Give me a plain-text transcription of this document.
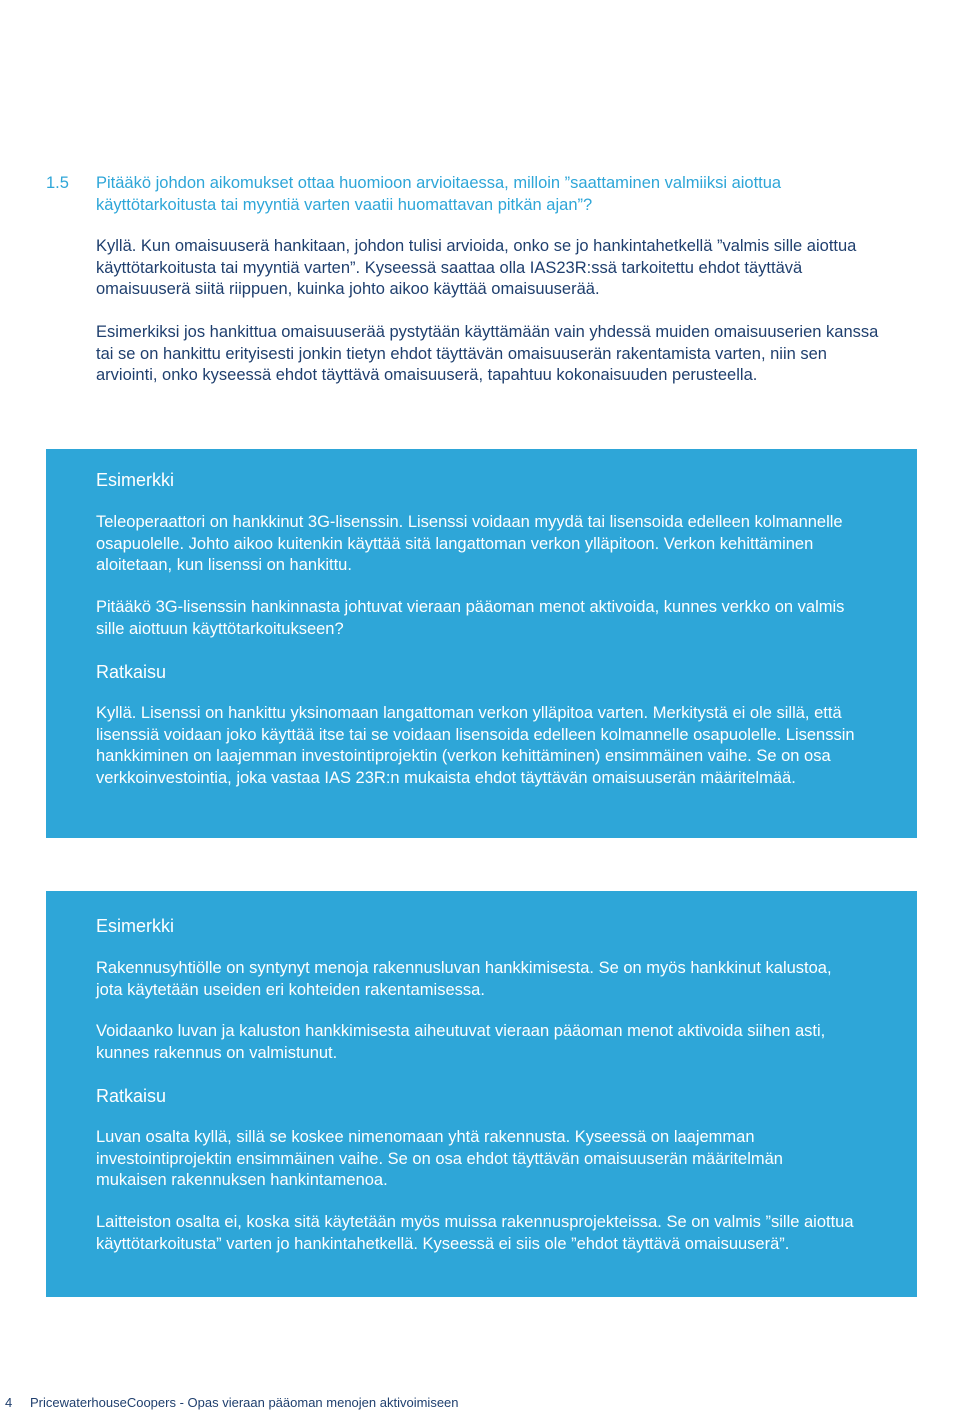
1.5 Pitääkö johdon aikomukset ottaa huomioon arvioitaessa, milloin ”saattaminen valmiiksi aiottua käyttötarkoitusta tai myyntiä varten vaatii huomattavan pitkän ajan”?

Kyllä. Kun omaisuuserä hankitaan, johdon tulisi arvioida, onko se jo hankintahetkellä ”valmis sille aiottua käyttötarkoitusta tai myyntiä varten”. Kyseessä saattaa olla IAS23R:ssä tarkoitettu ehdot täyttävä omaisuuserä siitä riippuen, kuinka johto aikoo käyttää omaisuuserää.

Esimerkiksi jos hankittua omaisuuserää pystytään käyttämään vain yhdessä muiden omaisuuserien kanssa tai se on hankittu erityisesti jonkin tietyn ehdot täyttävän omaisuuserän rakentamista varten, niin sen arviointi, onko kyseessä ehdot täyttävä omaisuuserä, tapahtuu kokonaisuuden perusteella.

Esimerkki

Teleoperaattori on hankkinut 3G-lisenssin. Lisenssi voidaan myydä tai lisensoida edelleen kolmannelle osapuolelle. Johto aikoo kuitenkin käyttää sitä langattoman verkon ylläpitoon. Verkon kehittäminen aloitetaan, kun lisenssi on hankittu.

Pitääkö 3G-lisenssin hankinnasta johtuvat vieraan pääoman menot aktivoida, kunnes verkko on valmis sille aiottuun käyttötarkoitukseen?

Ratkaisu

Kyllä. Lisenssi on hankittu yksinomaan langattoman verkon ylläpitoa varten. Merkitystä ei ole sillä, että lisenssiä voidaan joko käyttää itse tai se voidaan lisensoida edelleen kolmannelle osapuolelle. Lisenssin hankkiminen on laajemman investointiprojektin (verkon kehittäminen) ensimmäinen vaihe. Se on osa verkkoinvestointia, joka vastaa IAS 23R:n mukaista ehdot täyttävän omaisuuserän määritelmää.

Esimerkki

Rakennusyhtiölle on syntynyt menoja rakennusluvan hankkimisesta. Se on myös hankkinut kalustoa, jota käytetään useiden eri kohteiden rakentamisessa.

Voidaanko luvan ja kaluston hankkimisesta aiheutuvat vieraan pääoman menot aktivoida siihen asti, kunnes rakennus on valmistunut.

Ratkaisu

Luvan osalta kyllä, sillä se koskee nimenomaan yhtä rakennusta. Kyseessä on laajemman investointiprojektin ensimmäinen vaihe. Se on osa ehdot täyttävän omaisuuserän määritelmän mukaisen rakennuksen hankintamenoa.

Laitteiston osalta ei, koska sitä käytetään myös muissa rakennusprojekteissa. Se on valmis ”sille aiottua käyttötarkoitusta” varten jo hankintahetkellä. Kyseessä ei siis ole ”ehdot täyttävä omaisuuserä”.

4 PricewaterhouseCoopers - Opas vieraan pääoman menojen aktivoimiseen
